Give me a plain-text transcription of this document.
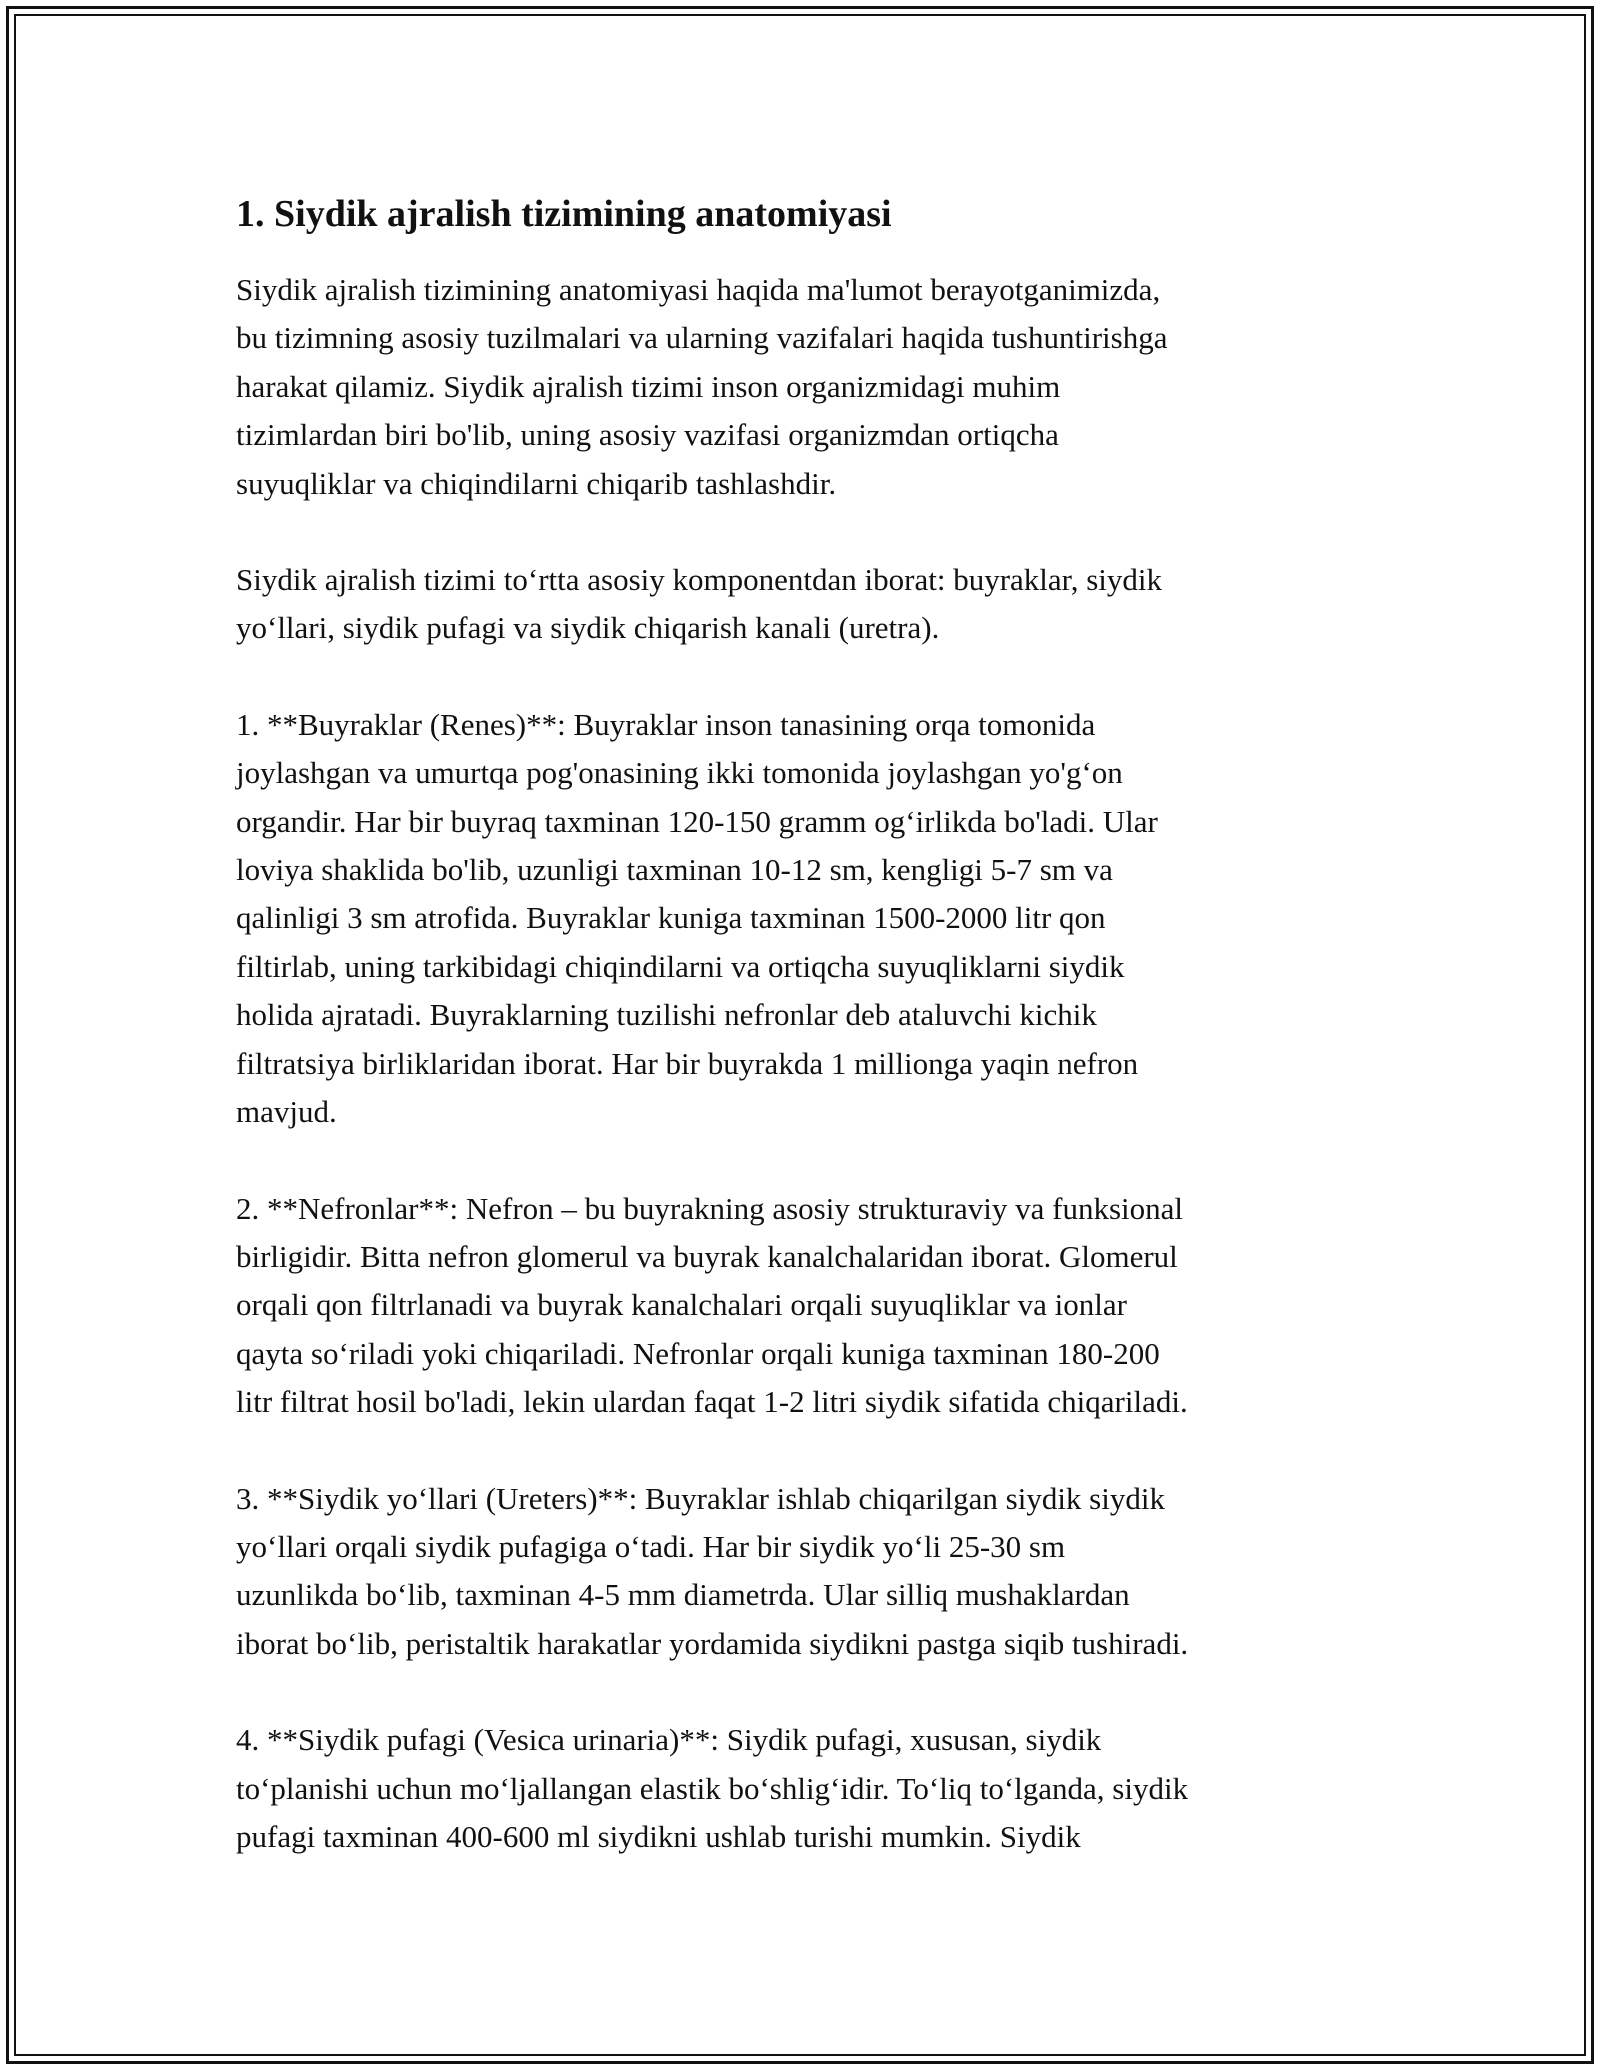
1. Siydik ajralish tizimining anatomiyasi

Siydik ajralish tizimining anatomiyasi haqida ma'lumot berayotganimizda,
bu tizimning asosiy tuzilmalari va ularning vazifalari haqida tushuntirishga
harakat qilamiz. Siydik ajralish tizimi inson organizmidagi muhim
tizimlardan biri bo'lib, uning asosiy vazifasi organizmdan ortiqcha
suyuqliklar va chiqindilarni chiqarib tashlashdir.

Siydik ajralish tizimi to‘rtta asosiy komponentdan iborat: buyraklar, siydik
yo‘llari, siydik pufagi va siydik chiqarish kanali (uretra).

1. **Buyraklar (Renes)**: Buyraklar inson tanasining orqa tomonida
joylashgan va umurtqa pog'onasining ikki tomonida joylashgan yo'g‘on
organdir. Har bir buyraq taxminan 120-150 gramm og‘irlikda bo'ladi. Ular
loviya shaklida bo'lib, uzunligi taxminan 10-12 sm, kengligi 5-7 sm va
qalinligi 3 sm atrofida. Buyraklar kuniga taxminan 1500-2000 litr qon
filtirlab, uning tarkibidagi chiqindilarni va ortiqcha suyuqliklarni siydik
holida ajratadi. Buyraklarning tuzilishi nefronlar deb ataluvchi kichik
filtratsiya birliklaridan iborat. Har bir buyrakda 1 millionga yaqin nefron
mavjud.

2. **Nefronlar**: Nefron – bu buyrakning asosiy strukturaviy va funksional
birligidir. Bitta nefron glomerul va buyrak kanalchalaridan iborat. Glomerul
orqali qon filtrlanadi va buyrak kanalchalari orqali suyuqliklar va ionlar
qayta so‘riladi yoki chiqariladi. Nefronlar orqali kuniga taxminan 180-200
litr filtrat hosil bo'ladi, lekin ulardan faqat 1-2 litri siydik sifatida chiqariladi.

3. **Siydik yo‘llari (Ureters)**: Buyraklar ishlab chiqarilgan siydik siydik
yo‘llari orqali siydik pufagiga o‘tadi. Har bir siydik yo‘li 25-30 sm
uzunlikda bo‘lib, taxminan 4-5 mm diametrda. Ular silliq mushaklardan
iborat bo‘lib, peristaltik harakatlar yordamida siydikni pastga siqib tushiradi.

4. **Siydik pufagi (Vesica urinaria)**: Siydik pufagi, xususan, siydik
to‘planishi uchun mo‘ljallangan elastik bo‘shlig‘idir. To‘liq to‘lganda, siydik
pufagi taxminan 400-600 ml siydikni ushlab turishi mumkin. Siydik
